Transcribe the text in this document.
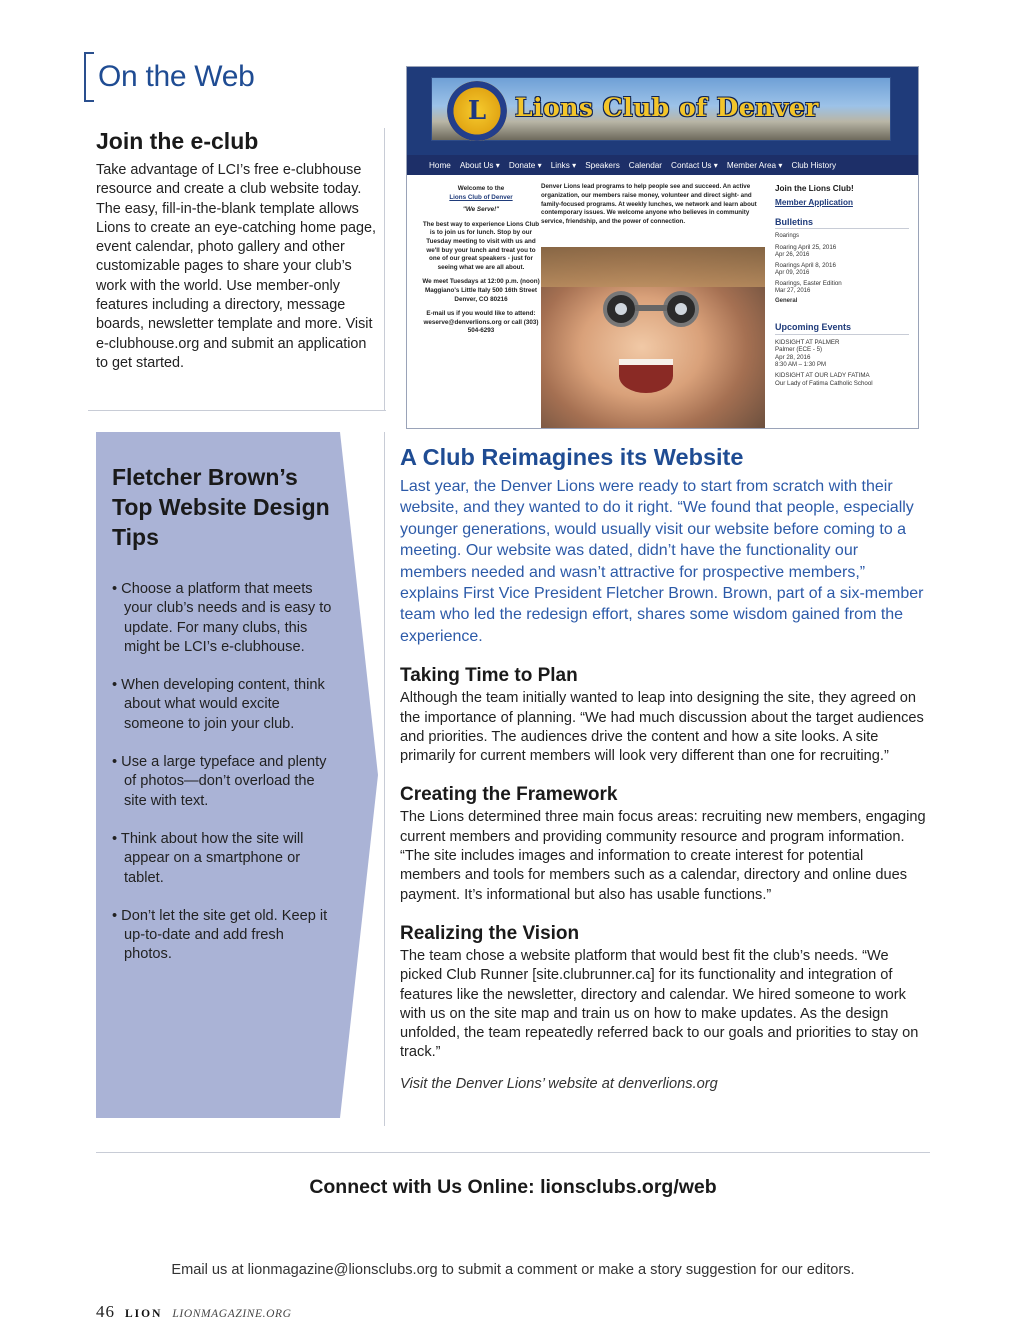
On the Web
Join the e-club

Take advantage of LCI’s free e-clubhouse resource and create a club website today. The easy, fill-in-the-blank template allows Lions to create an eye-catching home page, event calendar, photo gallery and other customizable pages to share your club’s work with the world. Use member-only features including a directory, message boards, newsletter template and more. Visit e-clubhouse.org and submit an application to get started.

L Lions Club of Denver
Home About Us ▾ Donate ▾ Links ▾ Speakers Calendar Contact Us ▾ Member Area ▾ Club History
Welcome to the
Lions Club of Denver
"We Serve!"
The best way to experience Lions Club is to join us for lunch. Stop by our Tuesday meeting to visit with us and we'll buy your lunch and treat you to one of our great speakers - just for seeing what we are all about.
We meet Tuesdays at 12:00 p.m. (noon) Maggiano's Little Italy 500 16th Street Denver, CO 80216
E-mail us if you would like to attend: weserve@denverlions.org or call (303) 504-6293
Denver Lions lead programs to help people see and succeed. An active organization, our members raise money, volunteer and direct sight- and family-focused programs. At weekly lunches, we network and learn about contemporary issues. We welcome anyone who believes in community service, friendship, and the power of connection.
Join the Lions Club!
Member Application
Bulletins
Roarings
Roaring April 25, 2016
Apr 26, 2016
Roarings April 8, 2016
Apr 09, 2016
Roarings, Easter Edition
Mar 27, 2016
General
Upcoming Events
KIDSIGHT AT PALMER
Palmer (ECE - 5)
Apr 28, 2016
8:30 AM – 1:30 PM
KIDSIGHT AT OUR LADY FATIMA
Our Lady of Fatima Catholic School
Fletcher Brown’s Top Website Design Tips
• Choose a platform that meets your club’s needs and is easy to update. For many clubs, this might be LCI’s e-clubhouse.
• When developing content, think about what would excite someone to join your club.
• Use a large typeface and plenty of photos—don’t overload the site with text.
• Think about how the site will appear on a smartphone or tablet.
• Don’t let the site get old. Keep it up-to-date and add fresh photos.
A Club Reimagines its Website

Last year, the Denver Lions were ready to start from scratch with their website, and they wanted to do it right. “We found that people, especially younger generations, would usually visit our website before coming to a meeting. Our website was dated, didn’t have the functionality our members needed and wasn’t attractive for prospective members,” explains First Vice President Fletcher Brown. Brown, part of a six-member team who led the redesign effort, shares some wisdom gained from the experience.

Taking Time to Plan

Although the team initially wanted to leap into designing the site, they agreed on the importance of planning. “We had much discussion about the target audiences and priorities. The audiences drive the content and how a site looks. A site primarily for current members will look very different than one for recruiting.”

Creating the Framework

The Lions determined three main focus areas: recruiting new members, engaging current members and providing community resource and program information. “The site includes images and information to create interest for potential members and tools for members such as a calendar, directory and online dues payment. It’s informational but also has usable functions.”

Realizing the Vision

The team chose a website platform that would best fit the club’s needs. “We picked Club Runner [site.clubrunner.ca] for its functionality and integration of features like the newsletter, directory and calendar. We hired someone to work with us on the site map and train us on how to make updates. As the design unfolded, the team repeatedly referred back to our goals and priorities to stay on track.”

Visit the Denver Lions’ website at denverlions.org

Connect with Us Online: lionsclubs.org/web
Email us at lionmagazine@lionsclubs.org to submit a comment or make a story suggestion for our editors.
46 LION LIONMAGAZINE.ORG
